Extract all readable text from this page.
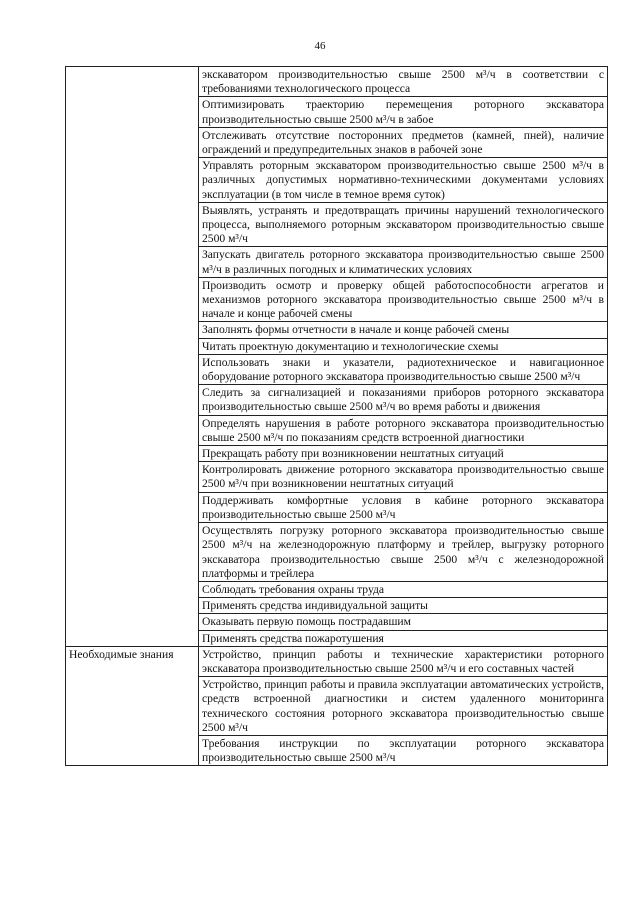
46
	экскаватором производительностью свыше 2500 м³/ч в соответствии с требованиями технологического процесса
	Оптимизировать траекторию перемещения роторного экскаватора производительностью свыше 2500 м³/ч в забое
	Отслеживать отсутствие посторонних предметов (камней, пней), наличие ограждений и предупредительных знаков в рабочей зоне
	Управлять роторным экскаватором производительностью свыше 2500 м³/ч в различных допустимых нормативно-техническими документами условиях эксплуатации (в том числе в темное время суток)
	Выявлять, устранять и предотвращать причины нарушений технологического процесса, выполняемого роторным экскаватором производительностью свыше 2500 м³/ч
	Запускать двигатель роторного экскаватора производительностью свыше 2500 м³/ч в различных погодных и климатических условиях
	Производить осмотр и проверку общей работоспособности агрегатов и механизмов роторного экскаватора производительностью свыше 2500 м³/ч в начале и конце рабочей смены
	Заполнять формы отчетности в начале и конце рабочей смены
	Читать проектную документацию и технологические схемы
	Использовать знаки и указатели, радиотехническое и навигационное оборудование роторного экскаватора производительностью свыше 2500 м³/ч
	Следить за сигнализацией и показаниями приборов роторного экскаватора производительностью свыше 2500 м³/ч во время работы и движения
	Определять нарушения в работе роторного экскаватора производительностью свыше 2500 м³/ч по показаниям средств встроенной диагностики
	Прекращать работу при возникновении нештатных ситуаций
	Контролировать движение роторного экскаватора производительностью свыше 2500 м³/ч при возникновении нештатных ситуаций
	Поддерживать комфортные условия в кабине роторного экскаватора производительностью свыше 2500 м³/ч
	Осуществлять погрузку роторного экскаватора производительностью свыше 2500 м³/ч на железнодорожную платформу и трейлер, выгрузку роторного экскаватора производительностью свыше 2500 м³/ч с железнодорожной платформы и трейлера
	Соблюдать требования охраны труда
	Применять средства индивидуальной защиты
	Оказывать первую помощь пострадавшим
	Применять средства пожаротушения
Необходимые знания	Устройство, принцип работы и технические характеристики роторного экскаватора производительностью свыше 2500 м³/ч и его составных частей
	Устройство, принцип работы и правила эксплуатации автоматических устройств, средств встроенной диагностики и систем удаленного мониторинга технического состояния роторного экскаватора производительностью свыше 2500 м³/ч
	Требования инструкции по эксплуатации роторного экскаватора производительностью свыше 2500 м³/ч
